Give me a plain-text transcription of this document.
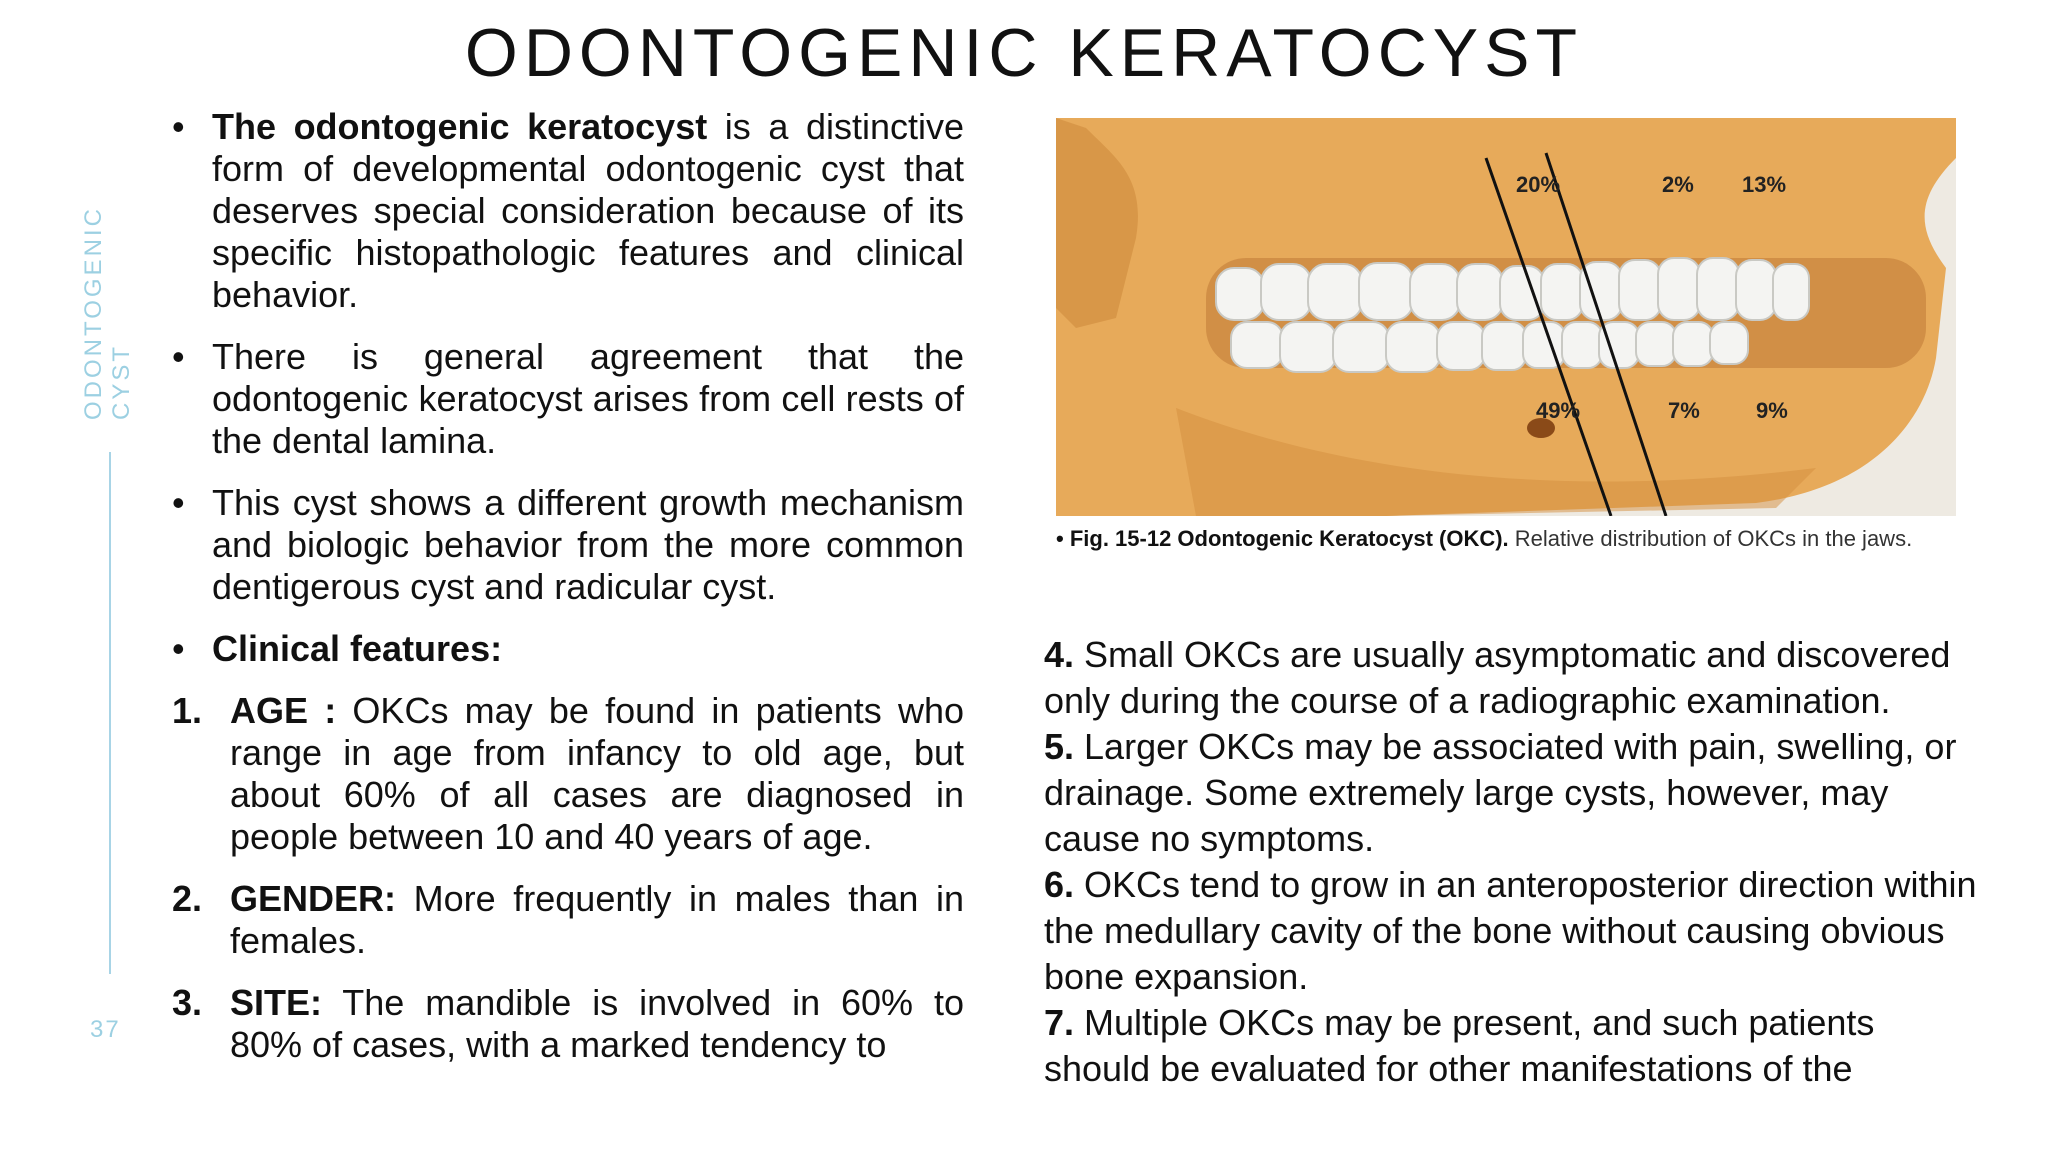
ODONTOGENIC KERATOCYST
ODONTOGENIC CYST
37
• The odontogenic keratocyst is a distinctive form of developmental odontogenic cyst that deserves special consideration because of its specific histopathologic features and clinical behavior.
• There is general agreement that the odontogenic keratocyst arises from cell rests of the dental lamina.
• This cyst shows a different growth mechanism and biologic behavior from the more common dentigerous cyst and radicular cyst.
• Clinical features:
1. AGE : OKCs may be found in patients who range in age from infancy to old age, but about 60% of all cases are diagnosed in people between 10 and 40 years of age.
2. GENDER: More frequently in males than in females.
3. SITE: The mandible is involved in 60% to 80% of cases, with a marked tendency to
20%	2% 13%
49%	7%	9%
• Fig. 15-12 Odontogenic Keratocyst (OKC). Relative distribution of OKCs in the jaws.

4. Small OKCs are usually asymptomatic and discovered only during the course of a radiographic examination.

5. Larger OKCs may be associated with pain, swelling, or drainage. Some extremely large cysts, however, may cause no symptoms.

6. OKCs tend to grow in an anteroposterior direction within the medullary cavity of the bone without causing obvious bone expansion.

7. Multiple OKCs may be present, and such patients should be evaluated for other manifestations of the
